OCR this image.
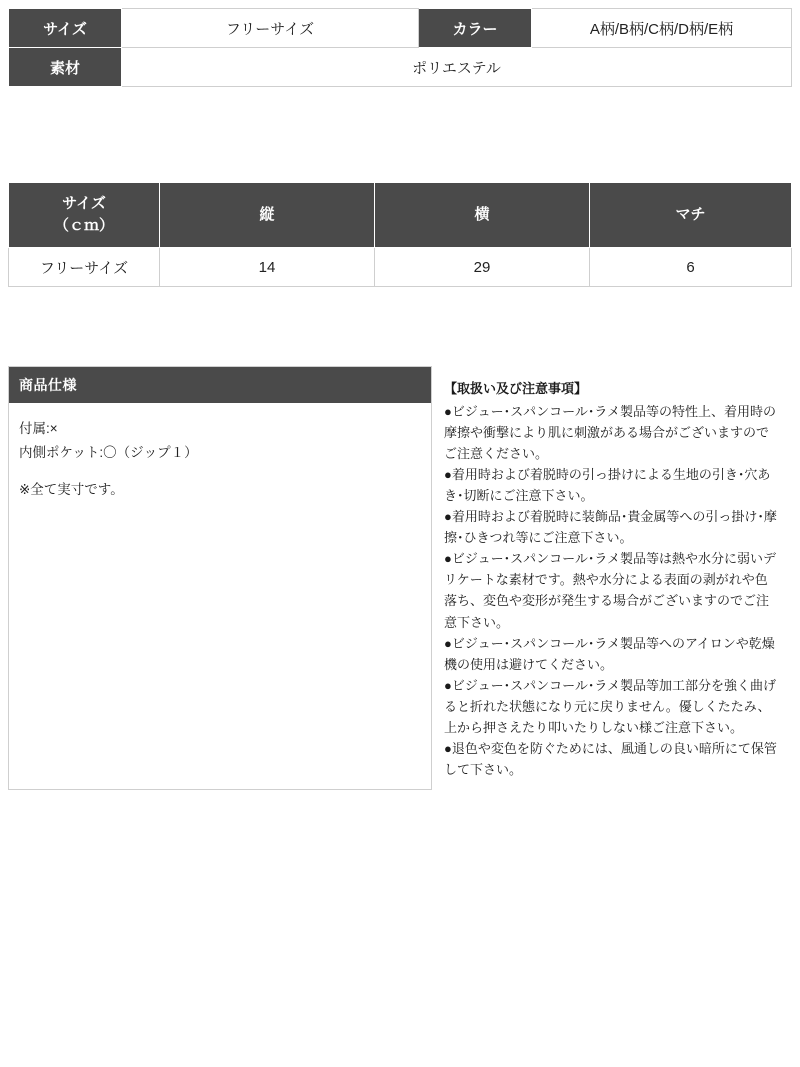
サイズ	フリーサイズ	カラー	A柄/B柄/C柄/D柄/E柄
素材	ポリエステル		
サイズ
（ｃｍ）	縦	横	マチ
フリーサイズ	14	29	6
商品仕様
付属:×
内側ポケット:〇（ジップ１）
※全て実寸です。
【取扱い及び注意事項】

●ビジュー･スパンコール･ラメ製品等の特性上、着用時の摩擦や衝撃により肌に刺激がある場合がございますのでご注意ください。

●着用時および着脱時の引っ掛けによる生地の引き･穴あき･切断にご注意下さい。

●着用時および着脱時に装飾品･貴金属等への引っ掛け･摩擦･ひきつれ等にご注意下さい。

●ビジュー･スパンコール･ラメ製品等は熱や水分に弱いデリケートな素材です。熱や水分による表面の剥がれや色落ち、変色や変形が発生する場合がございますのでご注意下さい。

●ビジュー･スパンコール･ラメ製品等へのアイロンや乾燥機の使用は避けてください。

●ビジュー･スパンコール･ラメ製品等加工部分を強く曲げると折れた状態になり元に戻りません。優しくたたみ、上から押さえたり叩いたりしない様ご注意下さい。

●退色や変色を防ぐためには、風通しの良い暗所にて保管して下さい。
